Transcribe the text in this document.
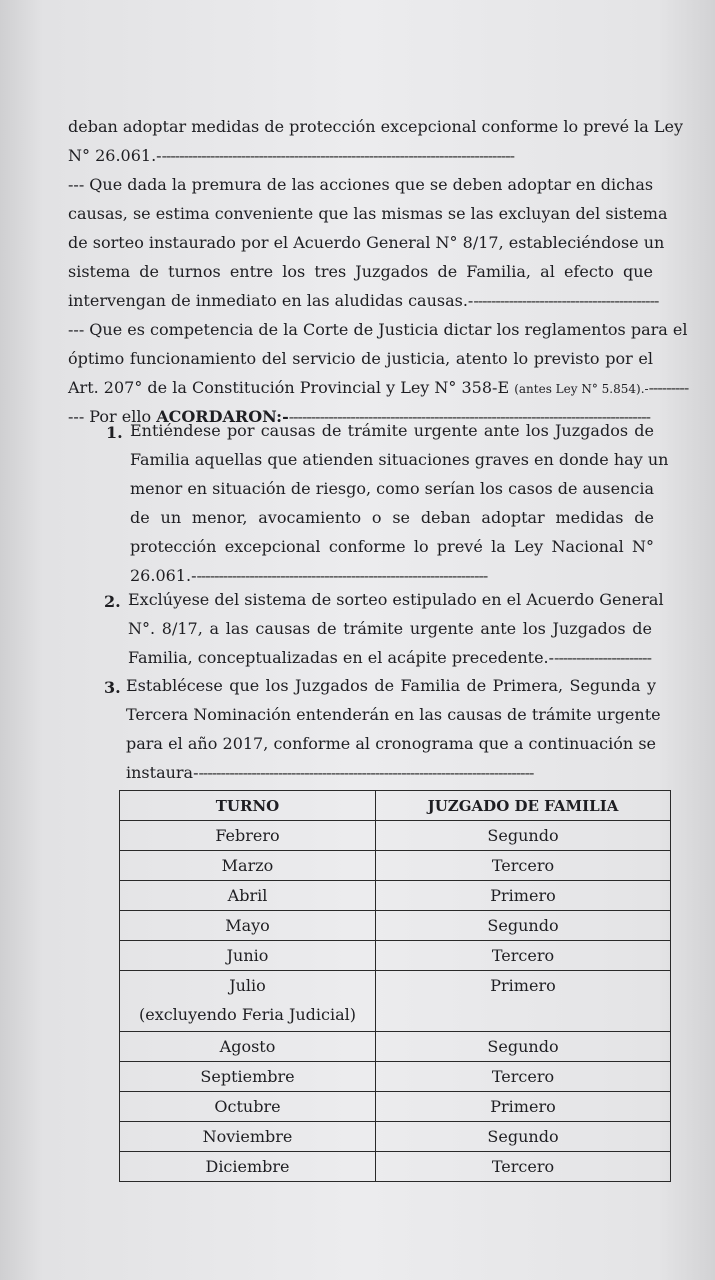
deban adoptar medidas de protección excepcional conforme lo prevé la Ley
N° 26.061.---------------------------------------------------------------------------------
--- Que dada la premura de las acciones que se deben adoptar en dichas
causas, se estima conveniente que las mismas se las excluyan del sistema
de sorteo instaurado por el Acuerdo General N° 8/17, estableciéndose un
sistema de turnos entre los tres Juzgados de Familia, al efecto que
intervengan de inmediato en las aludidas causas.-------------------------------------------
--- Que es competencia de la Corte de Justicia dictar los reglamentos para el
óptimo funcionamiento del servicio de justicia, atento lo previsto por el
Art. 207° de la Constitución Provincial y Ley N° 358-E (antes Ley N° 5.854).----------
--- Por ello ACORDARON:-----------------------------------------------------------------------------------
1. Entiéndese por causas de trámite urgente ante los Juzgados de
Familia aquellas que atienden situaciones graves en donde hay un
menor en situación de riesgo, como serían los casos de ausencia
de un menor, avocamiento o se deban adoptar medidas de
protección excepcional conforme lo prevé la Ley Nacional N°
26.061.-------------------------------------------------------------------
2. Exclúyese del sistema de sorteo estipulado en el Acuerdo General
N°. 8/17, a las causas de trámite urgente ante los Juzgados de
Familia, conceptualizadas en el acápite precedente.-----------------------
3. Establécese que los Juzgados de Familia de Primera, Segunda y
Tercera Nominación entenderán en las causas de trámite urgente
para el año 2017, conforme al cronograma que a continuación se
instaura-----------------------------------------------------------------------------
TURNO	JUZGADO DE FAMILIA
Febrero	Segundo
Marzo	Tercero
Abril	Primero
Mayo	Segundo
Junio	Tercero

Julio
(excluyendo Feria Judicial)	Primero
Agosto	Segundo
Septiembre	Tercero
Octubre	Primero
Noviembre	Segundo
Diciembre	Tercero
